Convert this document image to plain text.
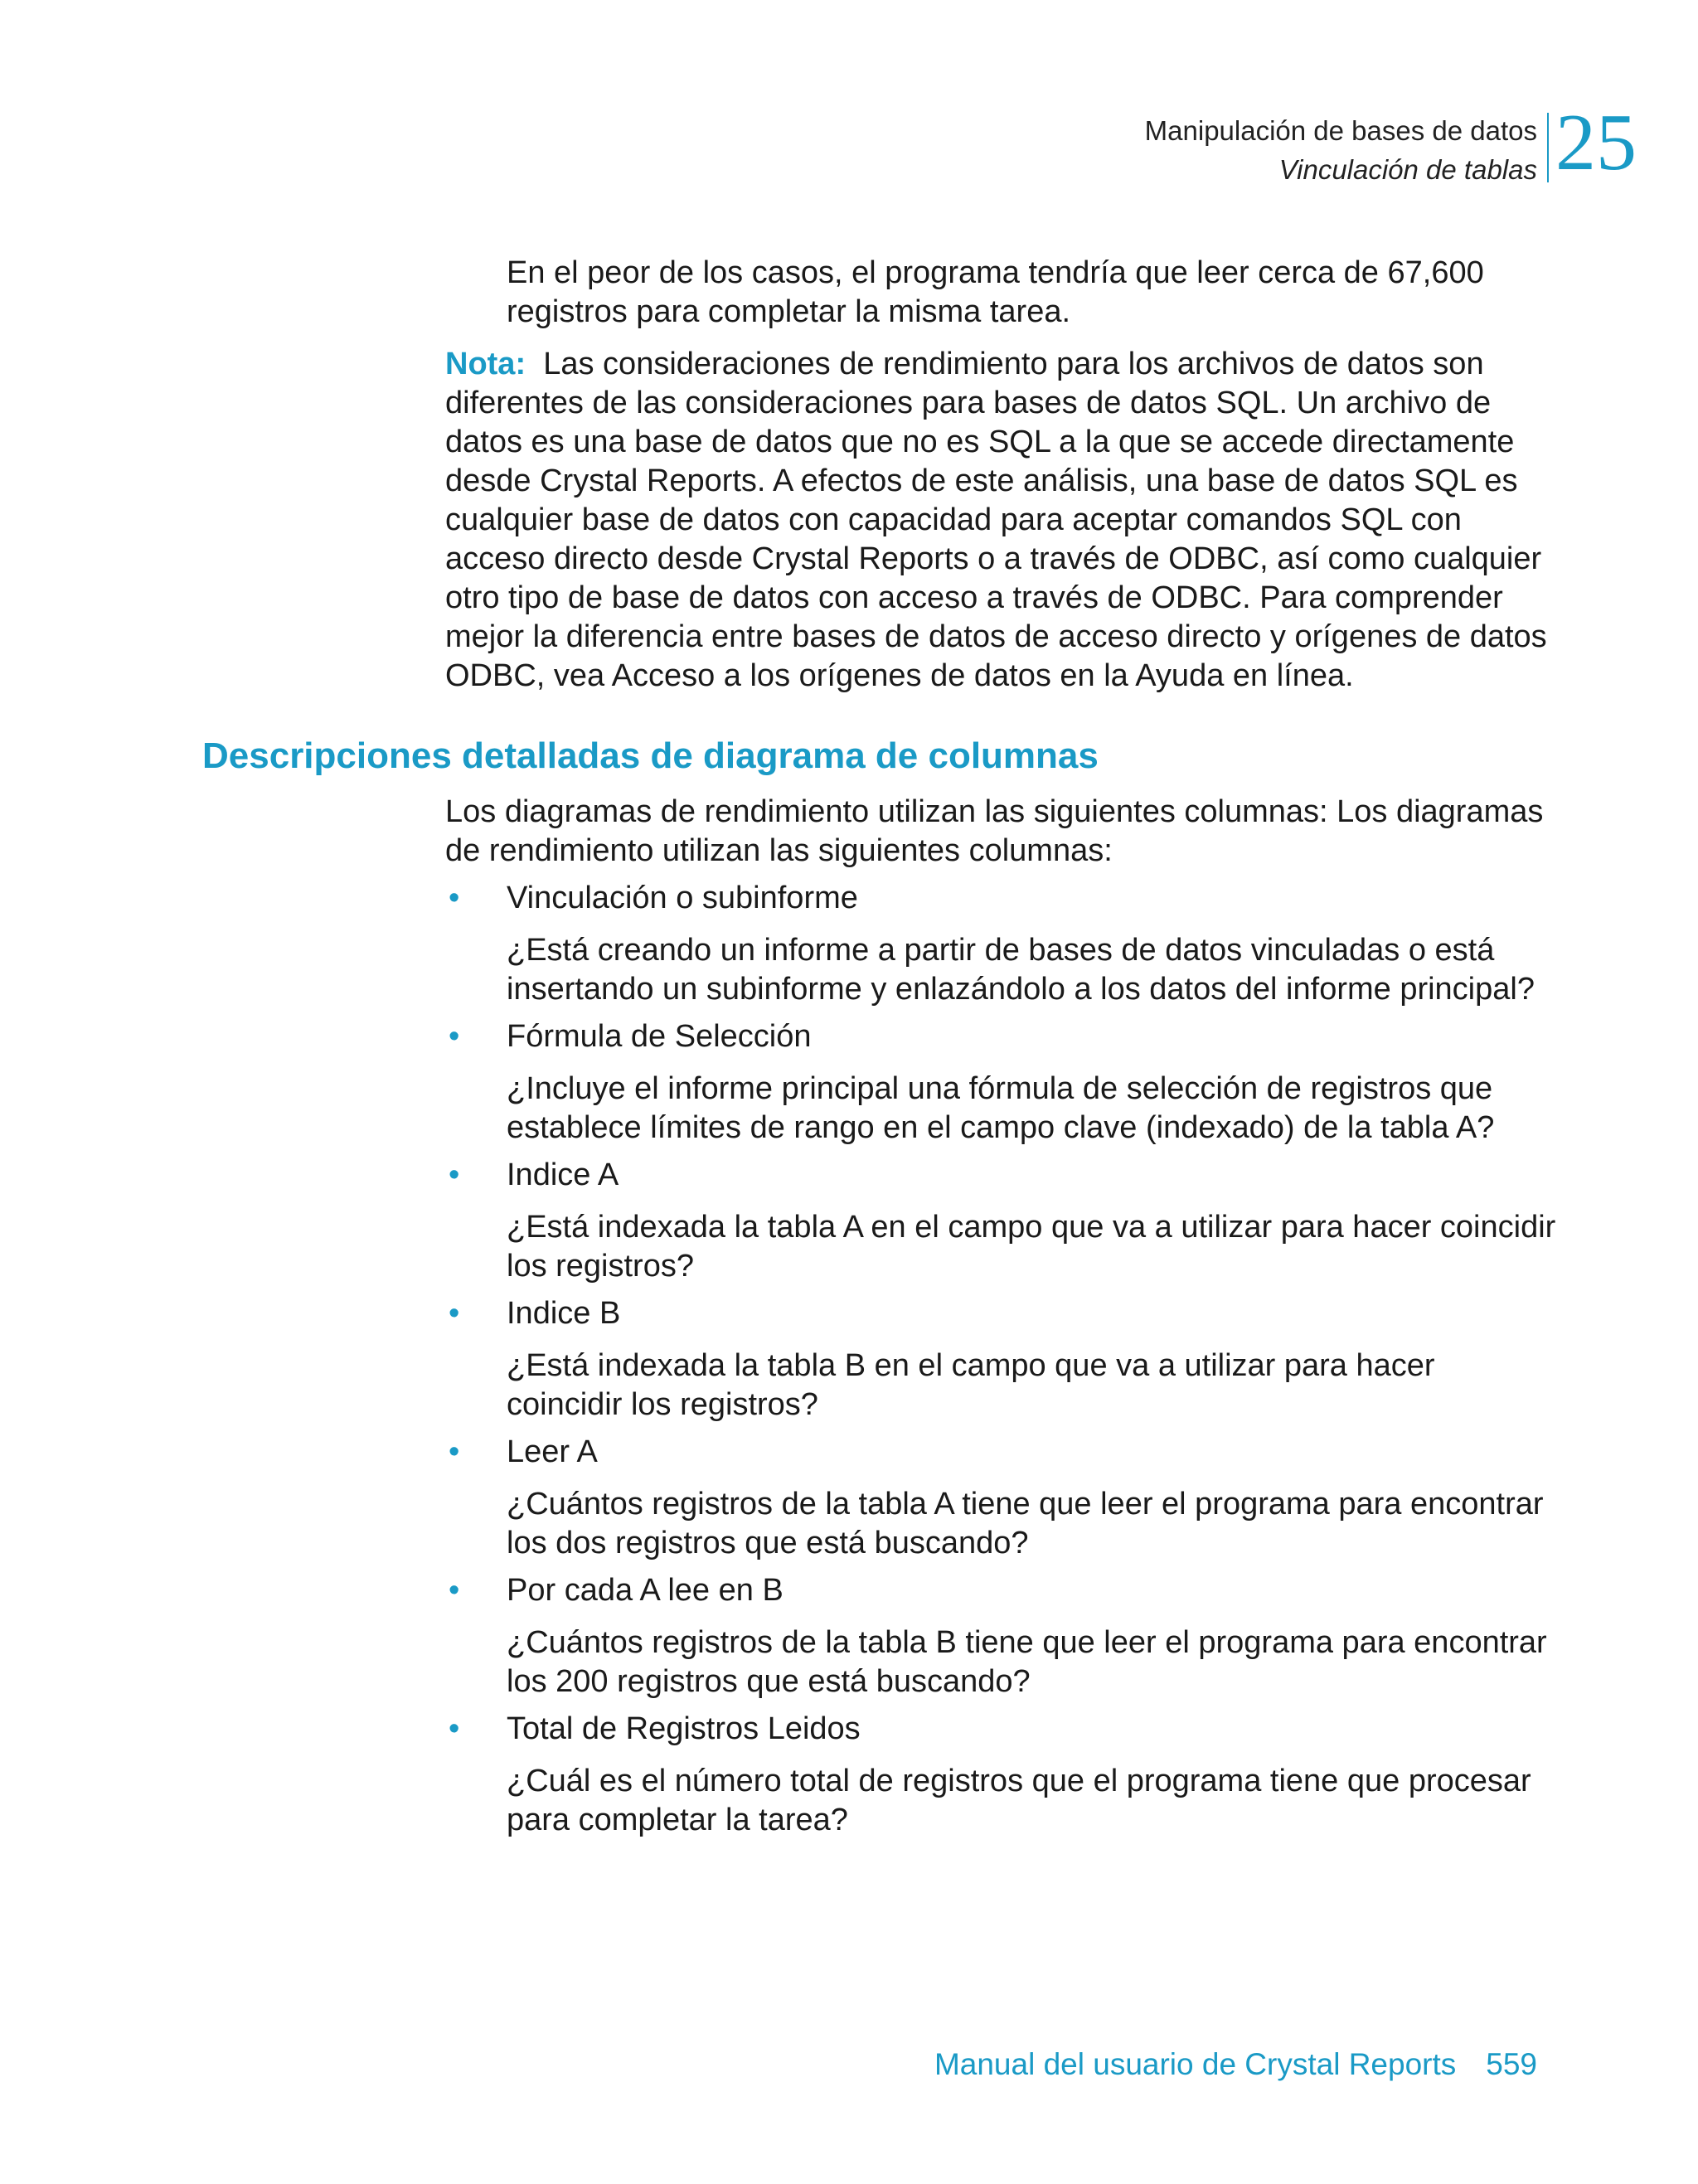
Manipulación de bases de datos
Vinculación de tablas 25

En el peor de los casos, el programa tendría que leer cerca de 67,600 registros para completar la misma tarea.

Nota: Las consideraciones de rendimiento para los archivos de datos son diferentes de las consideraciones para bases de datos SQL. Un archivo de datos es una base de datos que no es SQL a la que se accede directamente desde Crystal Reports. A efectos de este análisis, una base de datos SQL es cualquier base de datos con capacidad para aceptar comandos SQL con acceso directo desde Crystal Reports o a través de ODBC, así como cualquier otro tipo de base de datos con acceso a través de ODBC. Para comprender mejor la diferencia entre bases de datos de acceso directo y orígenes de datos ODBC, vea Acceso a los orígenes de datos en la Ayuda en línea.

Descripciones detalladas de diagrama de columnas

Los diagramas de rendimiento utilizan las siguientes columnas: Los diagramas de rendimiento utilizan las siguientes columnas:

• Vinculación o subinforme

¿Está creando un informe a partir de bases de datos vinculadas o está insertando un subinforme y enlazándolo a los datos del informe principal?

• Fórmula de Selección

¿Incluye el informe principal una fórmula de selección de registros que establece límites de rango en el campo clave (indexado) de la tabla A?

• Indice A

¿Está indexada la tabla A en el campo que va a utilizar para hacer coincidir los registros?

• Indice B

¿Está indexada la tabla B en el campo que va a utilizar para hacer coincidir los registros?

• Leer A

¿Cuántos registros de la tabla A tiene que leer el programa para encontrar los dos registros que está buscando?

• Por cada A lee en B

¿Cuántos registros de la tabla B tiene que leer el programa para encontrar los 200 registros que está buscando?

• Total de Registros Leidos

¿Cuál es el número total de registros que el programa tiene que procesar para completar la tarea?

Manual del usuario de Crystal Reports 559
